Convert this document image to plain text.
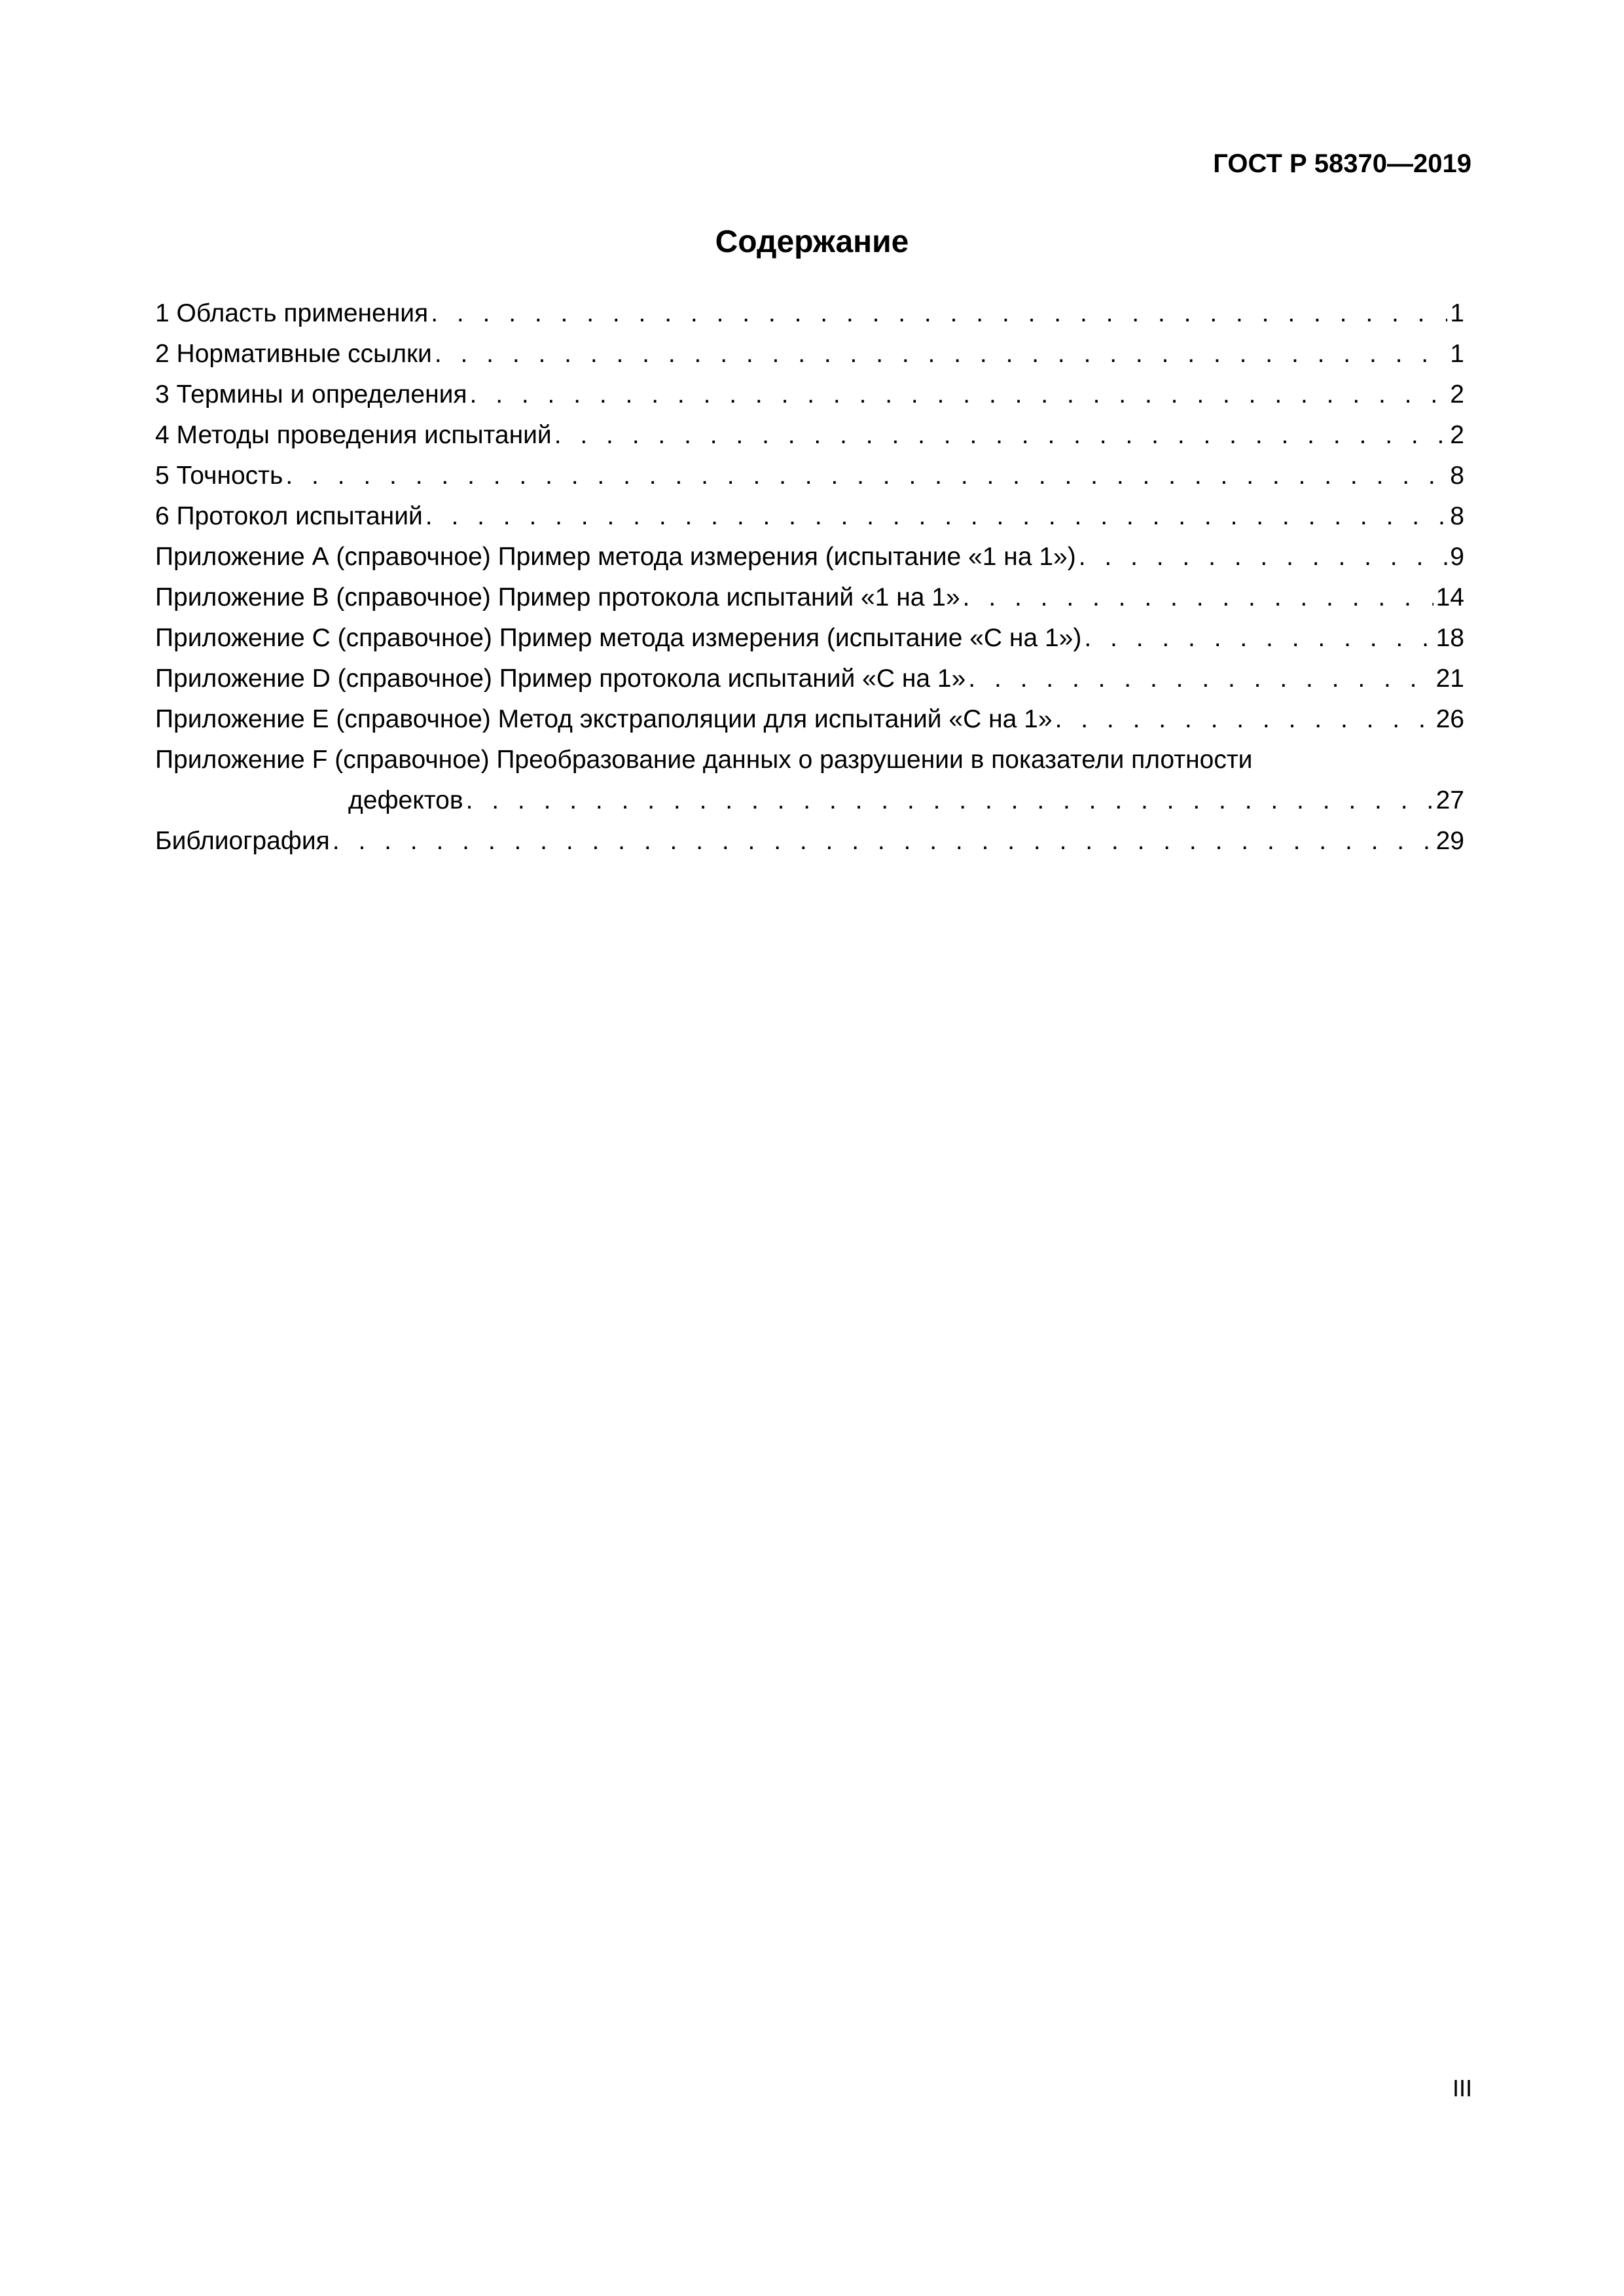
ГОСТ Р 58370—2019
Содержание
1 Область применения . . .	1
2 Нормативные ссылки . . .	1
3 Термины и определения . . .	2
4 Методы проведения испытаний . . .	2
5 Точность . . .	8
6 Протокол испытаний . . .	8
Приложение А (справочное) Пример метода измерения (испытание «1 на 1») . . .	9
Приложение В (справочное) Пример протокола испытаний «1 на 1» . . .	14
Приложение С (справочное) Пример метода измерения (испытание «С на 1») . . .	18
Приложение D (справочное) Пример протокола испытаний «С на 1» . . .	21
Приложение Е (справочное) Метод экстраполяции для испытаний «С на 1» . . .	26
Приложение F (справочное) Преобразование данных о разрушении в показатели плотности
дефектов . . .	27
Библиография . . .	29
III
